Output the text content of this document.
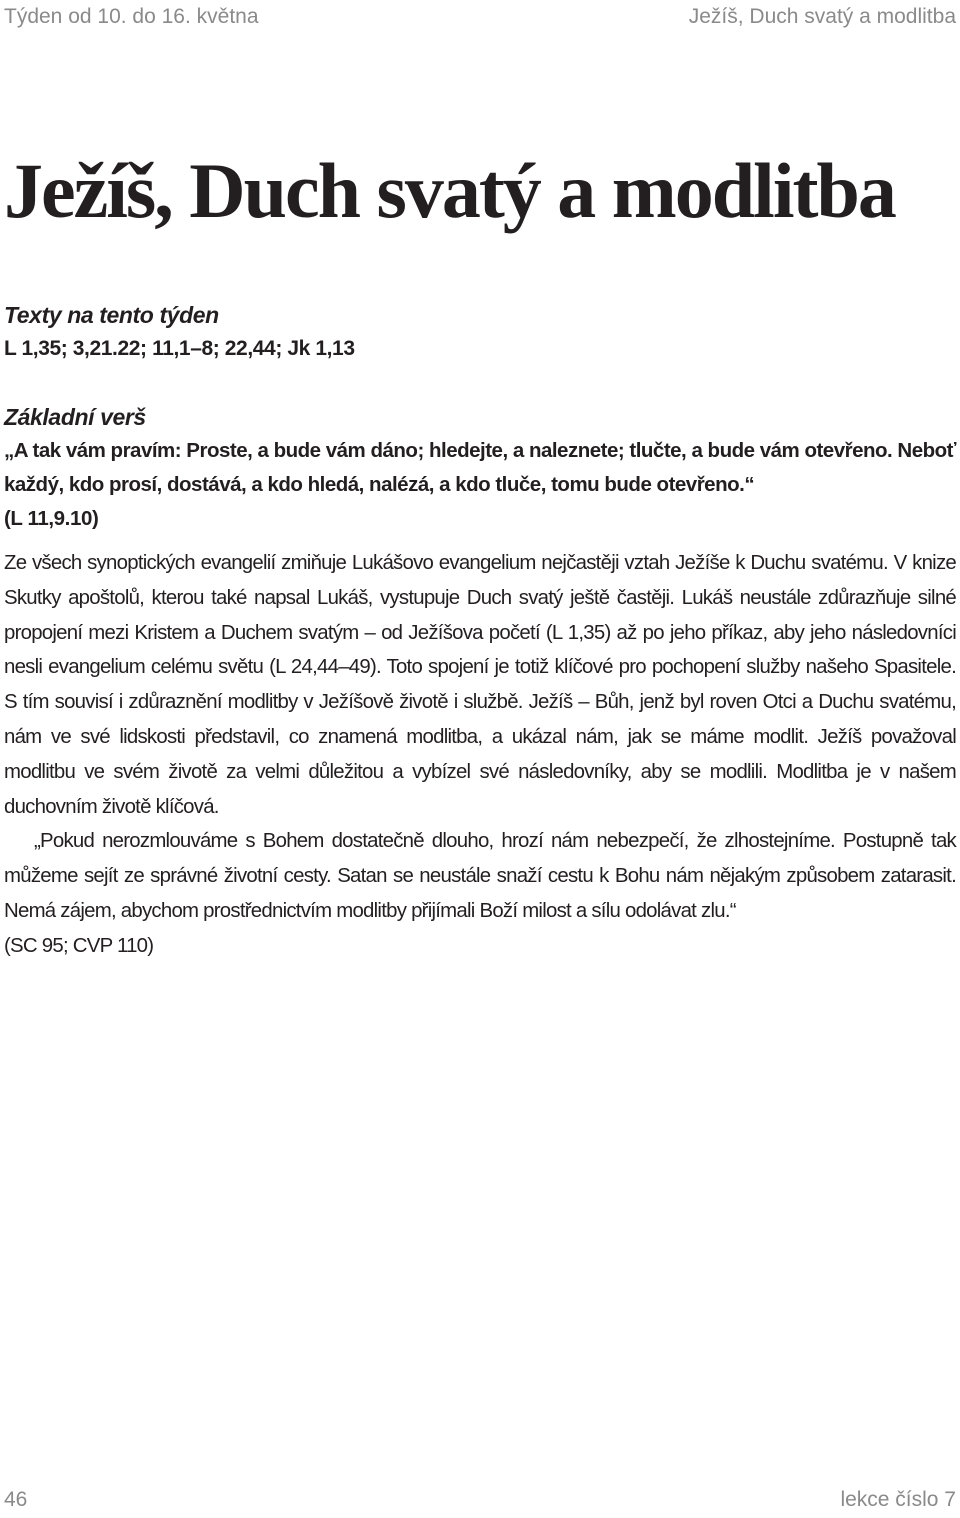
Týden od 10. do 16. května	Ježíš, Duch svatý a modlitba
Ježíš, Duch svatý a modlitba

Texty na tento týden

L 1,35; 3,21.22; 11,1–8; 22,44; Jk 1,13

Základní verš

„A tak vám pravím: Proste, a bude vám dáno; hledejte, a naleznete; tlučte, a bude vám otevřeno. Neboť každý, kdo prosí, dostává, a kdo hledá, nalézá, a kdo tluče, tomu bude otevřeno.“

(L 11,9.10)

Ze všech synoptických evangelií zmiňuje Lukášovo evangelium nejčastěji vztah Ježíše k Duchu svatému. V knize Skutky apoštolů, kterou také napsal Lukáš, vystupuje Duch svatý ještě častěji. Lukáš neustále zdůrazňuje silné propojení mezi Kristem a Duchem svatým – od Ježíšova početí (L 1,35) až po jeho příkaz, aby jeho následovníci nesli evangelium celému světu (L 24,44–49). Toto spojení je totiž klíčové pro pochopení služby našeho Spasitele. S tím souvisí i zdůraznění modlitby v Ježíšově životě i službě. Ježíš – Bůh, jenž byl roven Otci a Duchu svatému, nám ve své lidskosti představil, co znamená modlitba, a ukázal nám, jak se máme modlit. Ježíš považoval modlitbu ve svém životě za velmi důležitou a vybízel své následovníky, aby se modlili. Modlitba je v našem duchovním životě klíčová.

„Pokud nerozmlouváme s Bohem dostatečně dlouho, hrozí nám nebezpečí, že zlhostejníme. Postupně tak můžeme sejít ze správné životní cesty. Satan se neustále snaží cestu k Bohu nám nějakým způsobem zatarasit. Nemá zájem, abychom prostřednictvím modlitby přijímali Boží milost a sílu odolávat zlu.“

(SC 95; CVP 110)

46	lekce číslo 7
